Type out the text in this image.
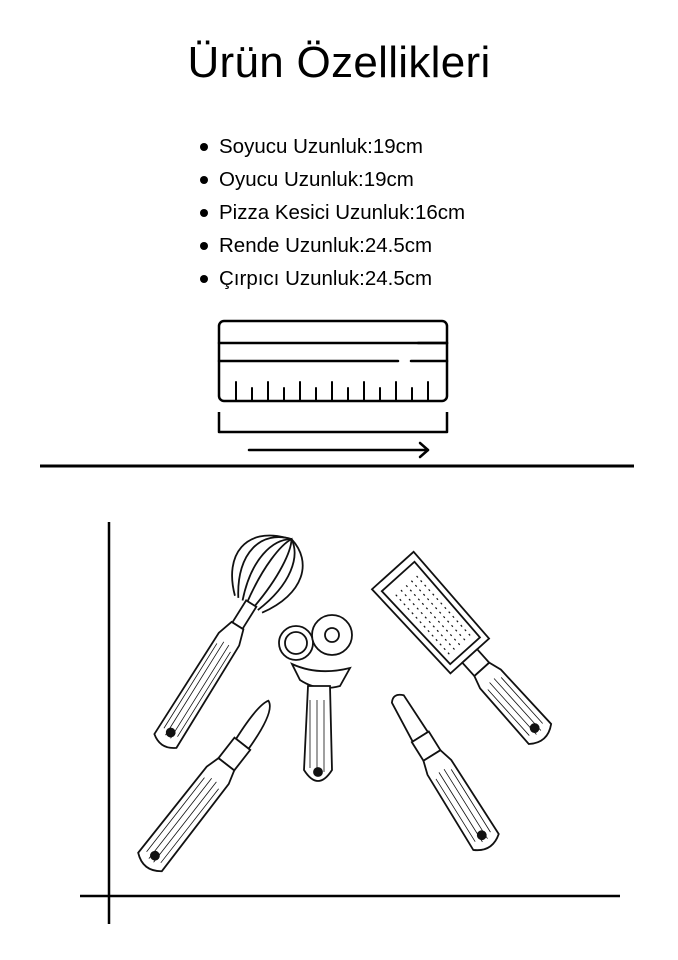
Ürün Özellikleri
Soyucu Uzunluk:19cm
Oyucu Uzunluk:19cm
Pizza Kesici Uzunluk:16cm
Rende Uzunluk:24.5cm
Çırpıcı Uzunluk:24.5cm
